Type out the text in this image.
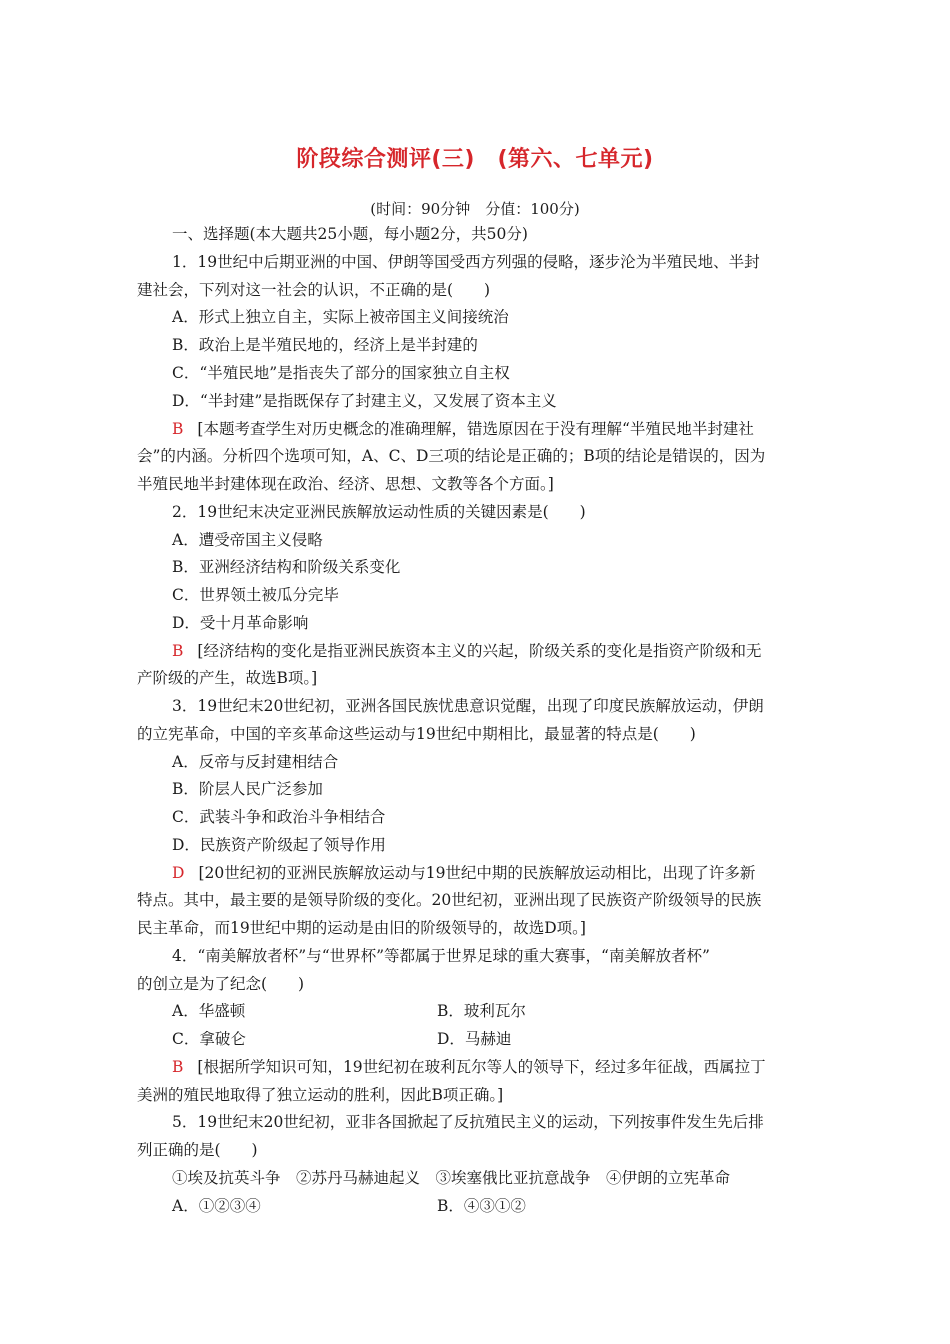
阶段综合测评(三)　(第六、七单元)
(时间：90分钟　分值：100分)
一、选择题(本大题共25小题，每小题2分，共50分)
1．19世纪中后期亚洲的中国、伊朗等国受西方列强的侵略，逐步沦为半殖民地、半封
建社会，下列对这一社会的认识，不正确的是(　　)
A．形式上独立自主，实际上被帝国主义间接统治
B．政治上是半殖民地的，经济上是半封建的
C．“半殖民地”是指丧失了部分的国家独立自主权
D．“半封建”是指既保存了封建主义，又发展了资本主义
B [本题考查学生对历史概念的准确理解，错选原因在于没有理解“半殖民地半封建社
会”的内涵。分析四个选项可知，A、C、D三项的结论是正确的；B项的结论是错误的，因为
半殖民地半封建体现在政治、经济、思想、文教等各个方面。]
2．19世纪末决定亚洲民族解放运动性质的关键因素是(　　)
A．遭受帝国主义侵略
B．亚洲经济结构和阶级关系变化
C．世界领土被瓜分完毕
D．受十月革命影响
B [经济结构的变化是指亚洲民族资本主义的兴起，阶级关系的变化是指资产阶级和无
产阶级的产生，故选B项。]
3．19世纪末20世纪初，亚洲各国民族忧患意识觉醒，出现了印度民族解放运动，伊朗
的立宪革命，中国的辛亥革命这些运动与19世纪中期相比，最显著的特点是(　　)
A．反帝与反封建相结合
B．阶层人民广泛参加
C．武装斗争和政治斗争相结合
D．民族资产阶级起了领导作用
D [20世纪初的亚洲民族解放运动与19世纪中期的民族解放运动相比，出现了许多新
特点。其中，最主要的是领导阶级的变化。20世纪初，亚洲出现了民族资产阶级领导的民族
民主革命，而19世纪中期的运动是由旧的阶级领导的，故选D项。]
4．“南美解放者杯”与“世界杯”等都属于世界足球的重大赛事，“南美解放者杯”
的创立是为了纪念(　　)
A．华盛顿	B．玻利瓦尔
C．拿破仑	D．马赫迪
B [根据所学知识可知，19世纪初在玻利瓦尔等人的领导下，经过多年征战，西属拉丁
美洲的殖民地取得了独立运动的胜利，因此B项正确。]
5．19世纪末20世纪初，亚非各国掀起了反抗殖民主义的运动，下列按事件发生先后排
列正确的是(　　)
①埃及抗英斗争　②苏丹马赫迪起义　③埃塞俄比亚抗意战争　④伊朗的立宪革命
A．①②③④	B．④③①②
